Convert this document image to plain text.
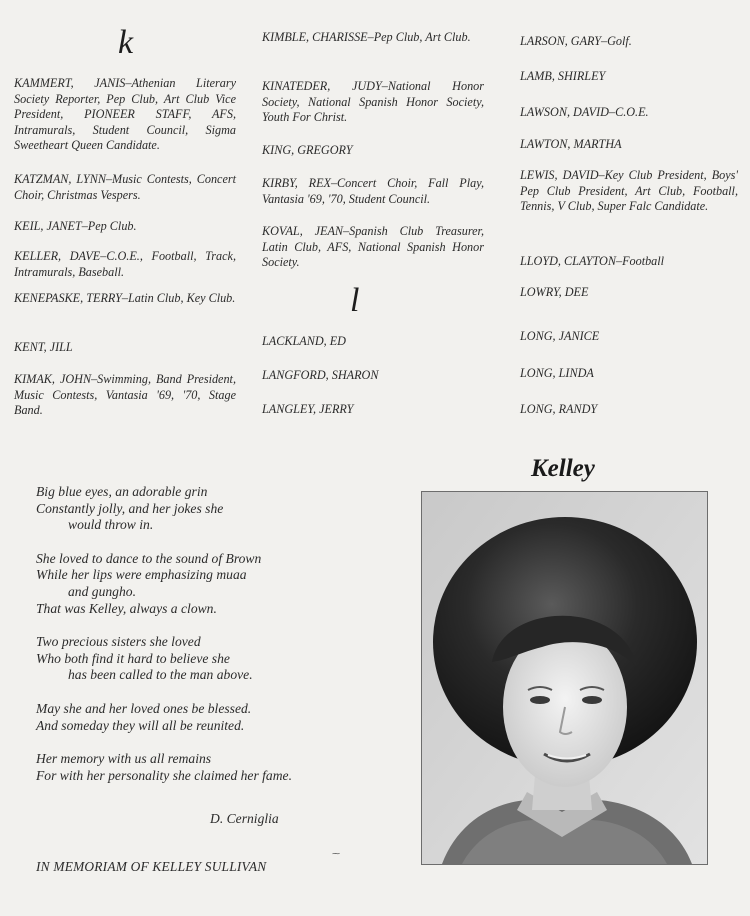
k
KAMMERT, JANIS–Athenian Literary Society Reporter, Pep Club, Art Club Vice President, PIONEER STAFF, AFS, Intramurals, Student Council, Sigma Sweetheart Queen Candidate.
KATZMAN, LYNN–Music Contests, Concert Choir, Christmas Vespers.
KEIL, JANET–Pep Club.
KELLER, DAVE–C.O.E., Football, Track, Intramurals, Baseball.
KENEPASKE, TERRY–Latin Club, Key Club.
KENT, JILL
KIMAK, JOHN–Swimming, Band President, Music Contests, Vantasia '69, '70, Stage Band.
KIMBLE, CHARISSE–Pep Club, Art Club.
KINATEDER, JUDY–National Honor Society, National Spanish Honor Society, Youth For Christ.
KING, GREGORY
KIRBY, REX–Concert Choir, Fall Play, Vantasia '69, '70, Student Council.
KOVAL, JEAN–Spanish Club Treasurer, Latin Club, AFS, National Spanish Honor Society.
l
LACKLAND, ED
LANGFORD, SHARON
LANGLEY, JERRY
LARSON, GARY–Golf.
LAMB, SHIRLEY
LAWSON, DAVID–C.O.E.
LAWTON, MARTHA
LEWIS, DAVID–Key Club President, Boys' Pep Club President, Art Club, Football, Tennis, V Club, Super Falc Candidate.
LLOYD, CLAYTON–Football
LOWRY, DEE
LONG, JANICE
LONG, LINDA
LONG, RANDY
Big blue eyes, an adorable grin
Constantly jolly, and her jokes she
would throw in.
She loved to dance to the sound of Brown
While her lips were emphasizing muaa
and gungho.
That was Kelley, always a clown.
Two precious sisters she loved
Who both find it hard to believe she
has been called to the man above.
May she and her loved ones be blessed.
And someday they will all be reunited.
Her memory with us all remains
For with her personality she claimed her fame.
D. Cerniglia
⁓
IN MEMORIAM OF KELLEY SULLIVAN
Kelley
